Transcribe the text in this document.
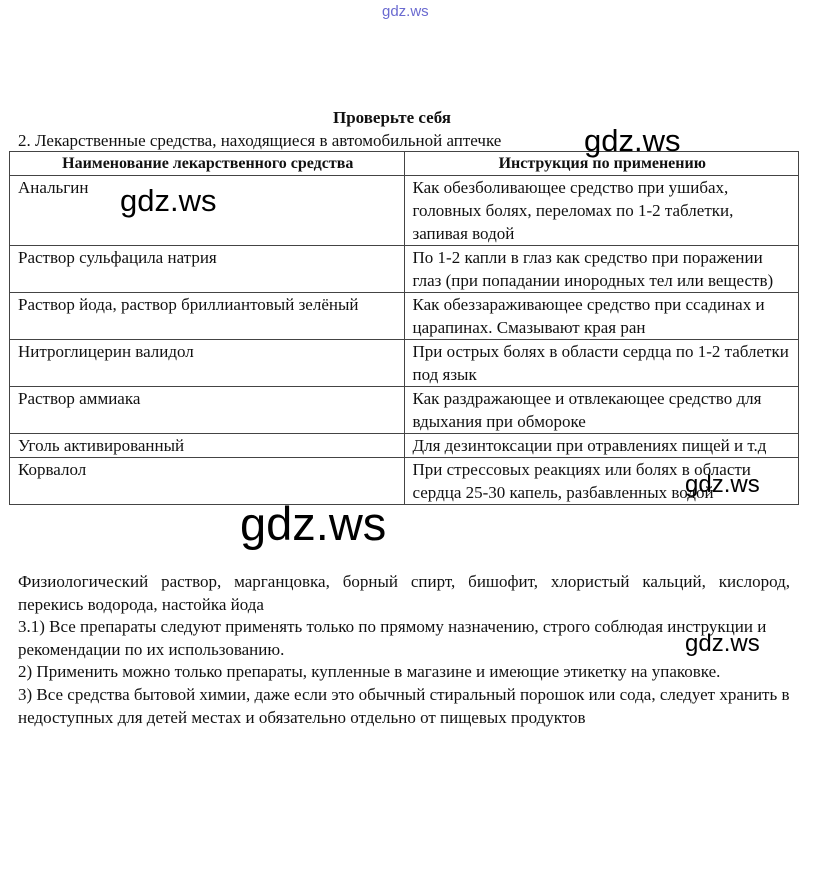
gdz.ws
Проверьте себя
2. Лекарственные средства, находящиеся в автомобильной аптечке
Наименование лекарственного средства	Инструкция по применению
Анальгин	Как обезболивающее средство при ушибах, головных болях, переломах по 1-2 таблетки, запивая водой
Раствор сульфацила натрия	По 1-2 капли в глаз как средство при поражении глаз (при попадании инородных тел или веществ)
Раствор йода, раствор бриллиантовый зелёный	Как обеззараживающее средство при ссадинах и царапинах. Смазывают края ран
Нитроглицерин валидол	При острых болях в области сердца по 1-2 таблетки под язык
Раствор аммиака	Как раздражающее и отвлекающее средство для вдыхания при обмороке
Уголь активированный	Для дезинтоксации при отравлениях пищей и т.д
Корвалол	При стрессовых реакциях или болях в области сердца 25-30 капель, разбавленных водой

Физиологический раствор, марганцовка, борный спирт, бишофит, хлористый кальций, кислород, перекись водорода, настойка йода

3.1) Все препараты следуют применять только по прямому назначению, строго соблюдая инструкции и рекомендации по их использованию.

2) Применить можно только препараты, купленные в магазине и имеющие этикетку на упаковке.

3) Все средства бытовой химии, даже если это обычный стиральный порошок или сода, следует хранить в недоступных для детей местах и обязательно отдельно от пищевых продуктов

gdz.ws
gdz.ws
gdz.ws
gdz.ws
gdz.ws
